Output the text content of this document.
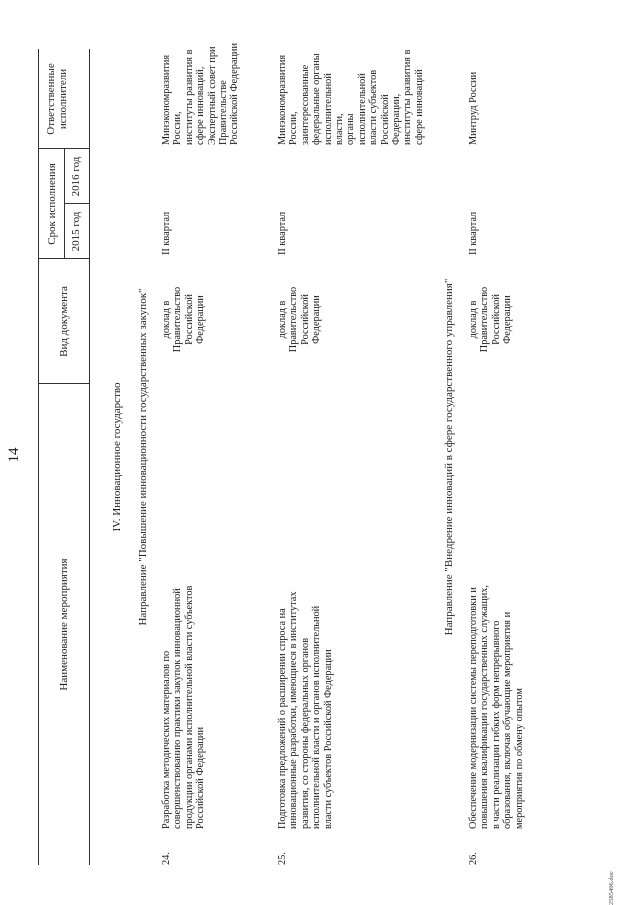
14
Наименование мероприятия
Вид документа
Срок исполнения 2015 год
2016 год
Ответственные
исполнители
IV. Инновационное государство Направление "Повышение инновационности государственных закупок"
24.
Разработка методических материалов по
совершенствованию практики закупок инновационной
продукции органами исполнительной власти субъектов
Российской Федерации
доклад в
Правительство
Российской
Федерации
II квартал
Минэкономразвития
России,
институты развития в
сфере инноваций,
Экспертный совет при
Правительстве
Российской Федерации
25.
Подготовка предложений о расширении спроса на
инновационные разработки, имеющиеся в институтах
развития, со стороны федеральных органов
исполнительной власти и органов исполнительной
власти субъектов Российской Федерации
доклад в
Правительство
Российской
Федерации
II квартал
Минэкономразвития
России,
заинтересованные
федеральные органы
исполнительной власти,
органы исполнительной
власти субъектов
Российской Федерации,
институты развития в
сфере инноваций
Направление "Внедрение инноваций в сфере государственного управления"
26.
Обеспечение модернизации системы переподготовки и
повышения квалификации государственных служащих,
в части реализации гибких форм непрерывного
образования, включая обучающие мероприятия и
мероприятия по обмену опытом
доклад в
Правительство
Российской
Федерации
II квартал
Минтруд России
2585496.doc
